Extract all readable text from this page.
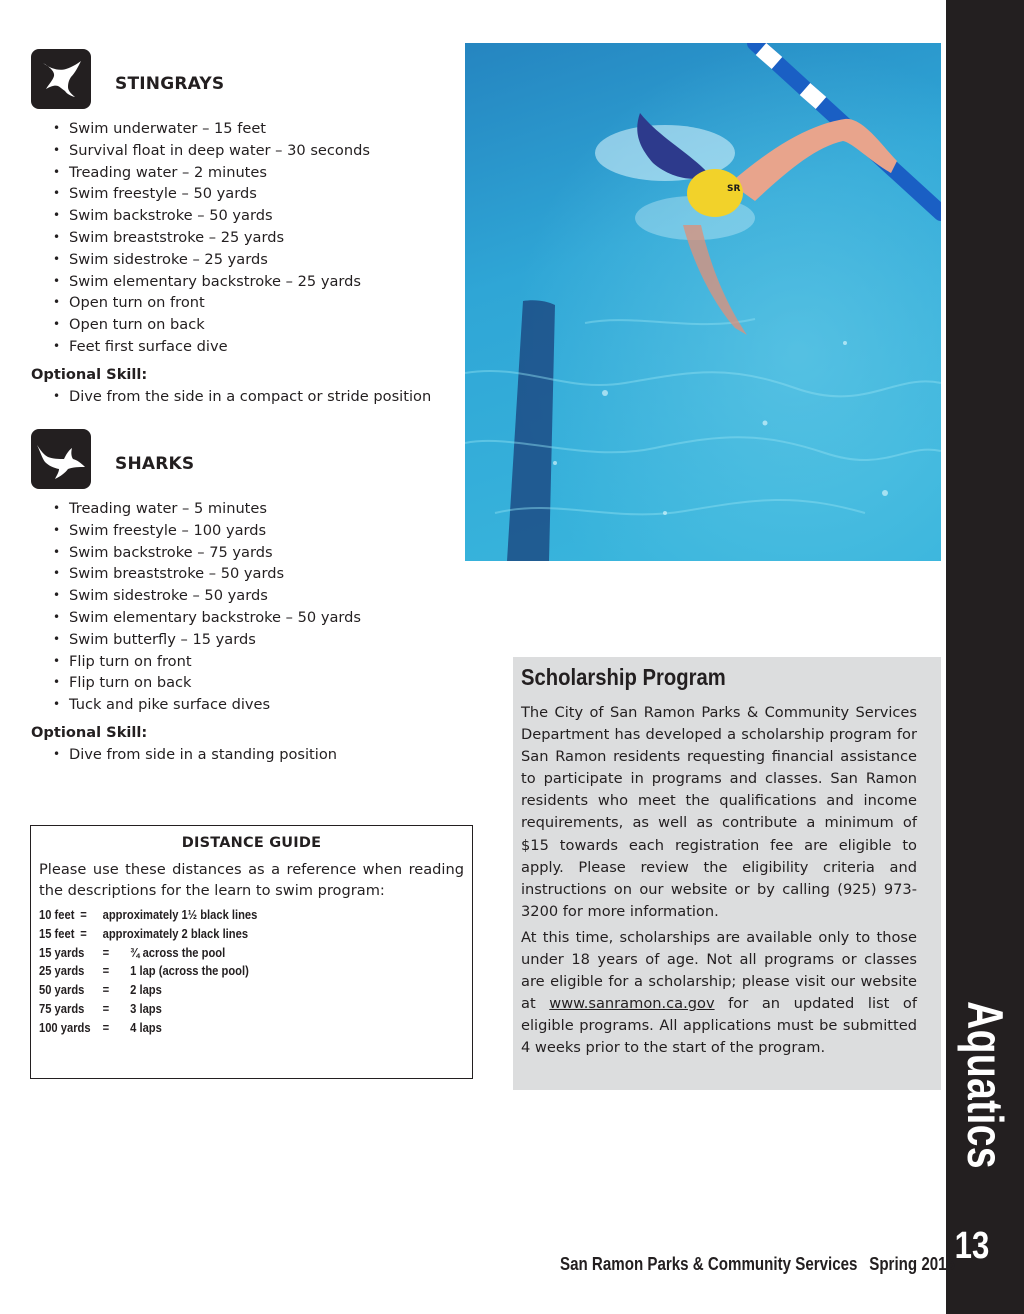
STINGRAYS
• Swim underwater – 15 feet
• Survival float in deep water – 30 seconds
• Treading water – 2 minutes
• Swim freestyle – 50 yards
• Swim backstroke – 50 yards
• Swim breaststroke – 25 yards
• Swim sidestroke – 25 yards
• Swim elementary backstroke – 25 yards
• Open turn on front
• Open turn on back
• Feet first surface dive
Optional Skill:
• Dive from the side in a compact or stride position
SHARKS
• Treading water – 5 minutes
• Swim freestyle – 100 yards
• Swim backstroke – 75 yards
• Swim breaststroke – 50 yards
• Swim sidestroke – 50 yards
• Swim elementary backstroke – 50 yards
• Swim butterfly – 15 yards
• Flip turn on front
• Flip turn on back
• Tuck and pike surface dives
Optional Skill:
• Dive from side in a standing position
DISTANCE GUIDE
Please use these distances as a reference when reading the descriptions for the learn to swim program:
10 feet = approximately 1½ black lines
15 feet = approximately 2 black lines
15 yards = ¾ across the pool
25 yards = 1 lap (across the pool)
50 yards = 2 laps
75 yards = 3 laps
100 yards = 4 laps
SR
Scholarship Program

The City of San Ramon Parks & Community Services Department has developed a scholarship program for San Ramon residents requesting financial assistance to participate in programs and classes. San Ramon residents who meet the qualifications and income requirements, as well as contribute a minimum of $15 towards each registration fee are eligible to apply. Please review the eligibility criteria and instructions on our website or by calling (925) 973-3200 for more information.

At this time, scholarships are available only to those under 18 years of age. Not all programs or classes are eligible for a scholarship; please visit our website at www.sanramon.ca.gov for an updated list of eligible programs. All applications must be submitted 4 weeks prior to the start of the program.	Aquatics
13
San Ramon Parks & Community Services Spring 2016
